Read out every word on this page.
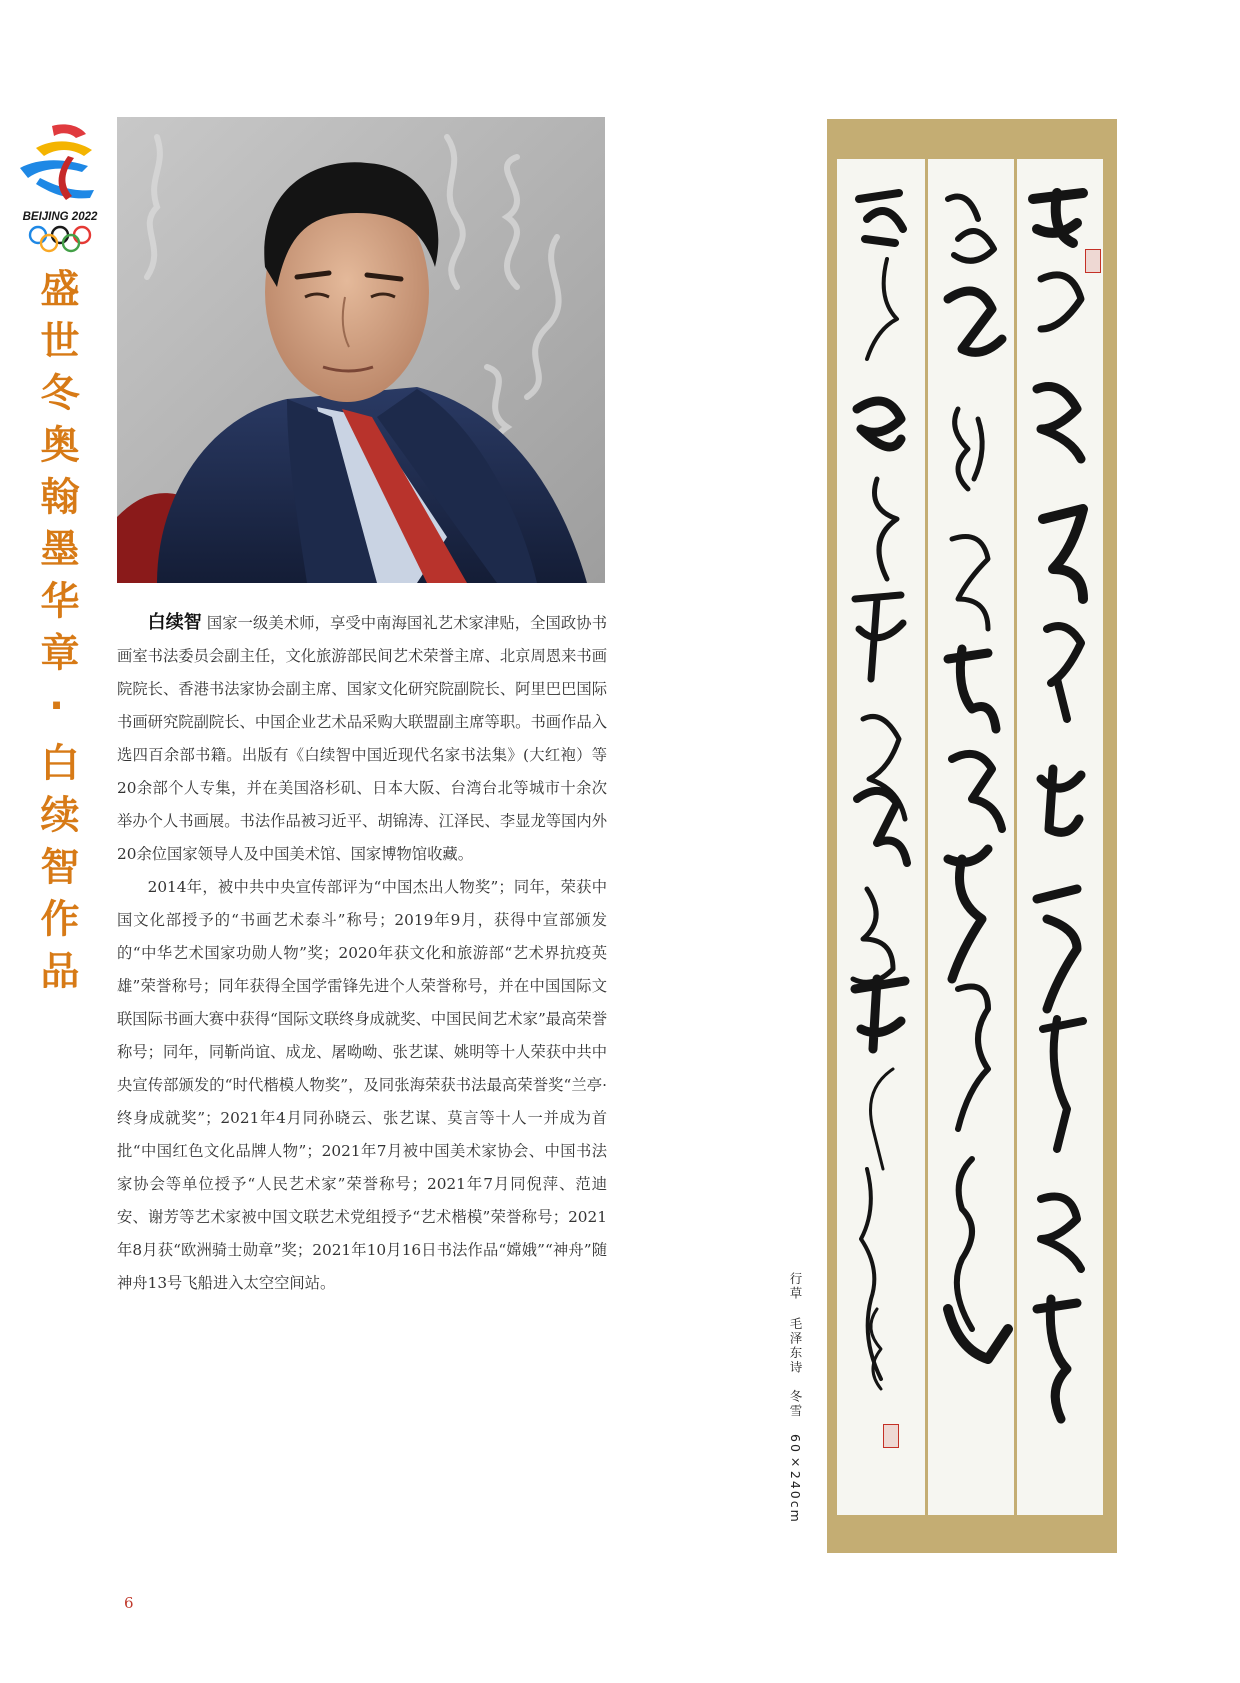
BEIJING 2022
盛世冬奥翰墨华章·白续智作品	白续智 国家一级美术师，享受中南海国礼艺术家津贴，全国政协书画室书法委员会副主任，文化旅游部民间艺术荣誉主席、北京周恩来书画院院长、香港书法家协会副主席、国家文化研究院副院长、阿里巴巴国际书画研究院副院长、中国企业艺术品采购大联盟副主席等职。书画作品入选四百余部书籍。出版有《白续智中国近现代名家书法集》(大红袍）等20余部个人专集，并在美国洛杉矶、日本大阪、台湾台北等城市十余次举办个人书画展。书法作品被习近平、胡锦涛、江泽民、李显龙等国内外20余位国家领导人及中国美术馆、国家博物馆收藏。

2014年，被中共中央宣传部评为“中国杰出人物奖”；同年，荣获中国文化部授予的“书画艺术泰斗”称号；2019年9月，获得中宣部颁发的“中华艺术国家功勋人物”奖；2020年获文化和旅游部“艺术界抗疫英雄”荣誉称号；同年获得全国学雷锋先进个人荣誉称号，并在中国国际文联国际书画大赛中获得“国际文联终身成就奖、中国民间艺术家”最高荣誉称号；同年，同靳尚谊、成龙、屠呦呦、张艺谋、姚明等十人荣获中共中央宣传部颁发的“时代楷模人物奖”，及同张海荣获书法最高荣誉奖“兰亭·终身成就奖”；2021年4月同孙晓云、张艺谋、莫言等十人一并成为首批“中国红色文化品牌人物”；2021年7月被中国美术家协会、中国书法家协会等单位授予“人民艺术家”荣誉称号；2021年7月同倪萍、范迪安、谢芳等艺术家被中国文联艺术党组授予“艺术楷模”荣誉称号；2021年8月获“欧洲骑士勋章”奖；2021年10月16日书法作品“嫦娥”“神舟”随神舟13号飞船进入太空空间站。	行草 毛泽东诗　冬雪 60×240cm
6
